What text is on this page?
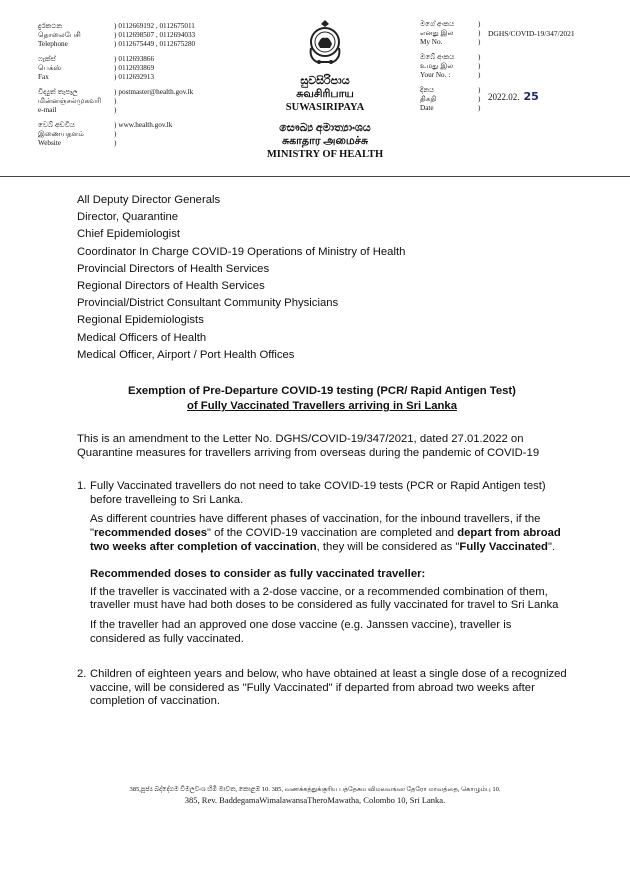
දුරකථන
தொலைபேசி
Telephone
) 0112669192 , 0112675011
) 0112698507 , 0112694033
) 0112675449 , 0112675280
ෆැක්ස්
பெக்ஸ்
Fax
) 0112693866
) 0112693869
) 0112692913
විද්‍යුත් තැපෑල
மின்னஞ்சல்முகவரி
e-mail
) postmaster@health.gov.lk
)
)
වෙබ් අඩවිය
இணையதளம்
Website
) www.health.gov.lk
)
)
සුවසිරිපාය
சுவசிரிபாய
SUWASIRIPAYA
සෞඛ්‍ය අමාත්‍යාංශය
சுகாதார அமைச்சு
MINISTRY OF HEALTH
මගේ අංකය
எனது இல
My No.
)
)
)
DGHS/COVID-19/347/2021
ඔබේ අංකය
உமது இல
Your No. :
)
)
)
දිනය
திகதி
Date
)
)
)
2022.02. 25
All Deputy Director Generals
Director, Quarantine
Chief Epidemiologist
Coordinator In Charge COVID-19 Operations of Ministry of Health
Provincial Directors of Health Services
Regional Directors of Health Services
Provincial/District Consultant Community Physicians
Regional Epidemiologists
Medical Officers of Health
Medical Officer, Airport / Port Health Offices
Exemption of Pre-Departure COVID-19 testing (PCR/ Rapid Antigen Test)
of Fully Vaccinated Travellers arriving in Sri Lanka
This is an amendment to the Letter No. DGHS/COVID-19/347/2021, dated 27.01.2022 on Quarantine measures for travellers arriving from overseas during the pandemic of COVID-19
1. Fully Vaccinated travellers do not need to take COVID-19 tests (PCR or Rapid Antigen test) before travelleing to Sri Lanka.

As different countries have different phases of vaccination, for the inbound travellers, if the "recommended doses" of the COVID-19 vaccination are completed and depart from abroad two weeks after completion of vaccination, they will be considered as "Fully Vaccinated".

Recommended doses to consider as fully vaccinated traveller:

If the traveller is vaccinated with a 2-dose vaccine, or a recommended combination of them, traveller must have had both doses to be considered as fully vaccinated for travel to Sri Lanka

If the traveller had an approved one dose vaccine (e.g. Janssen vaccine), traveller is considered as fully vaccinated.

2. Children of eighteen years and below, who have obtained at least a single dose of a recognized vaccine, will be considered as "Fully Vaccinated" if departed from abroad two weeks after completion of vaccination.

385,පූජ්‍ය බද්දේගම විමලවංශ හිමි මාවත, කොළඹ 10. 385, வணக்கத்துக்குரிய பத்தேகம விமலவங்ஸ தேரோ மாவத்தை, கொழும்பு 10.
385, Rev. BaddegamaWimalawansaTheroMawatha, Colombo 10, Sri Lanka.
